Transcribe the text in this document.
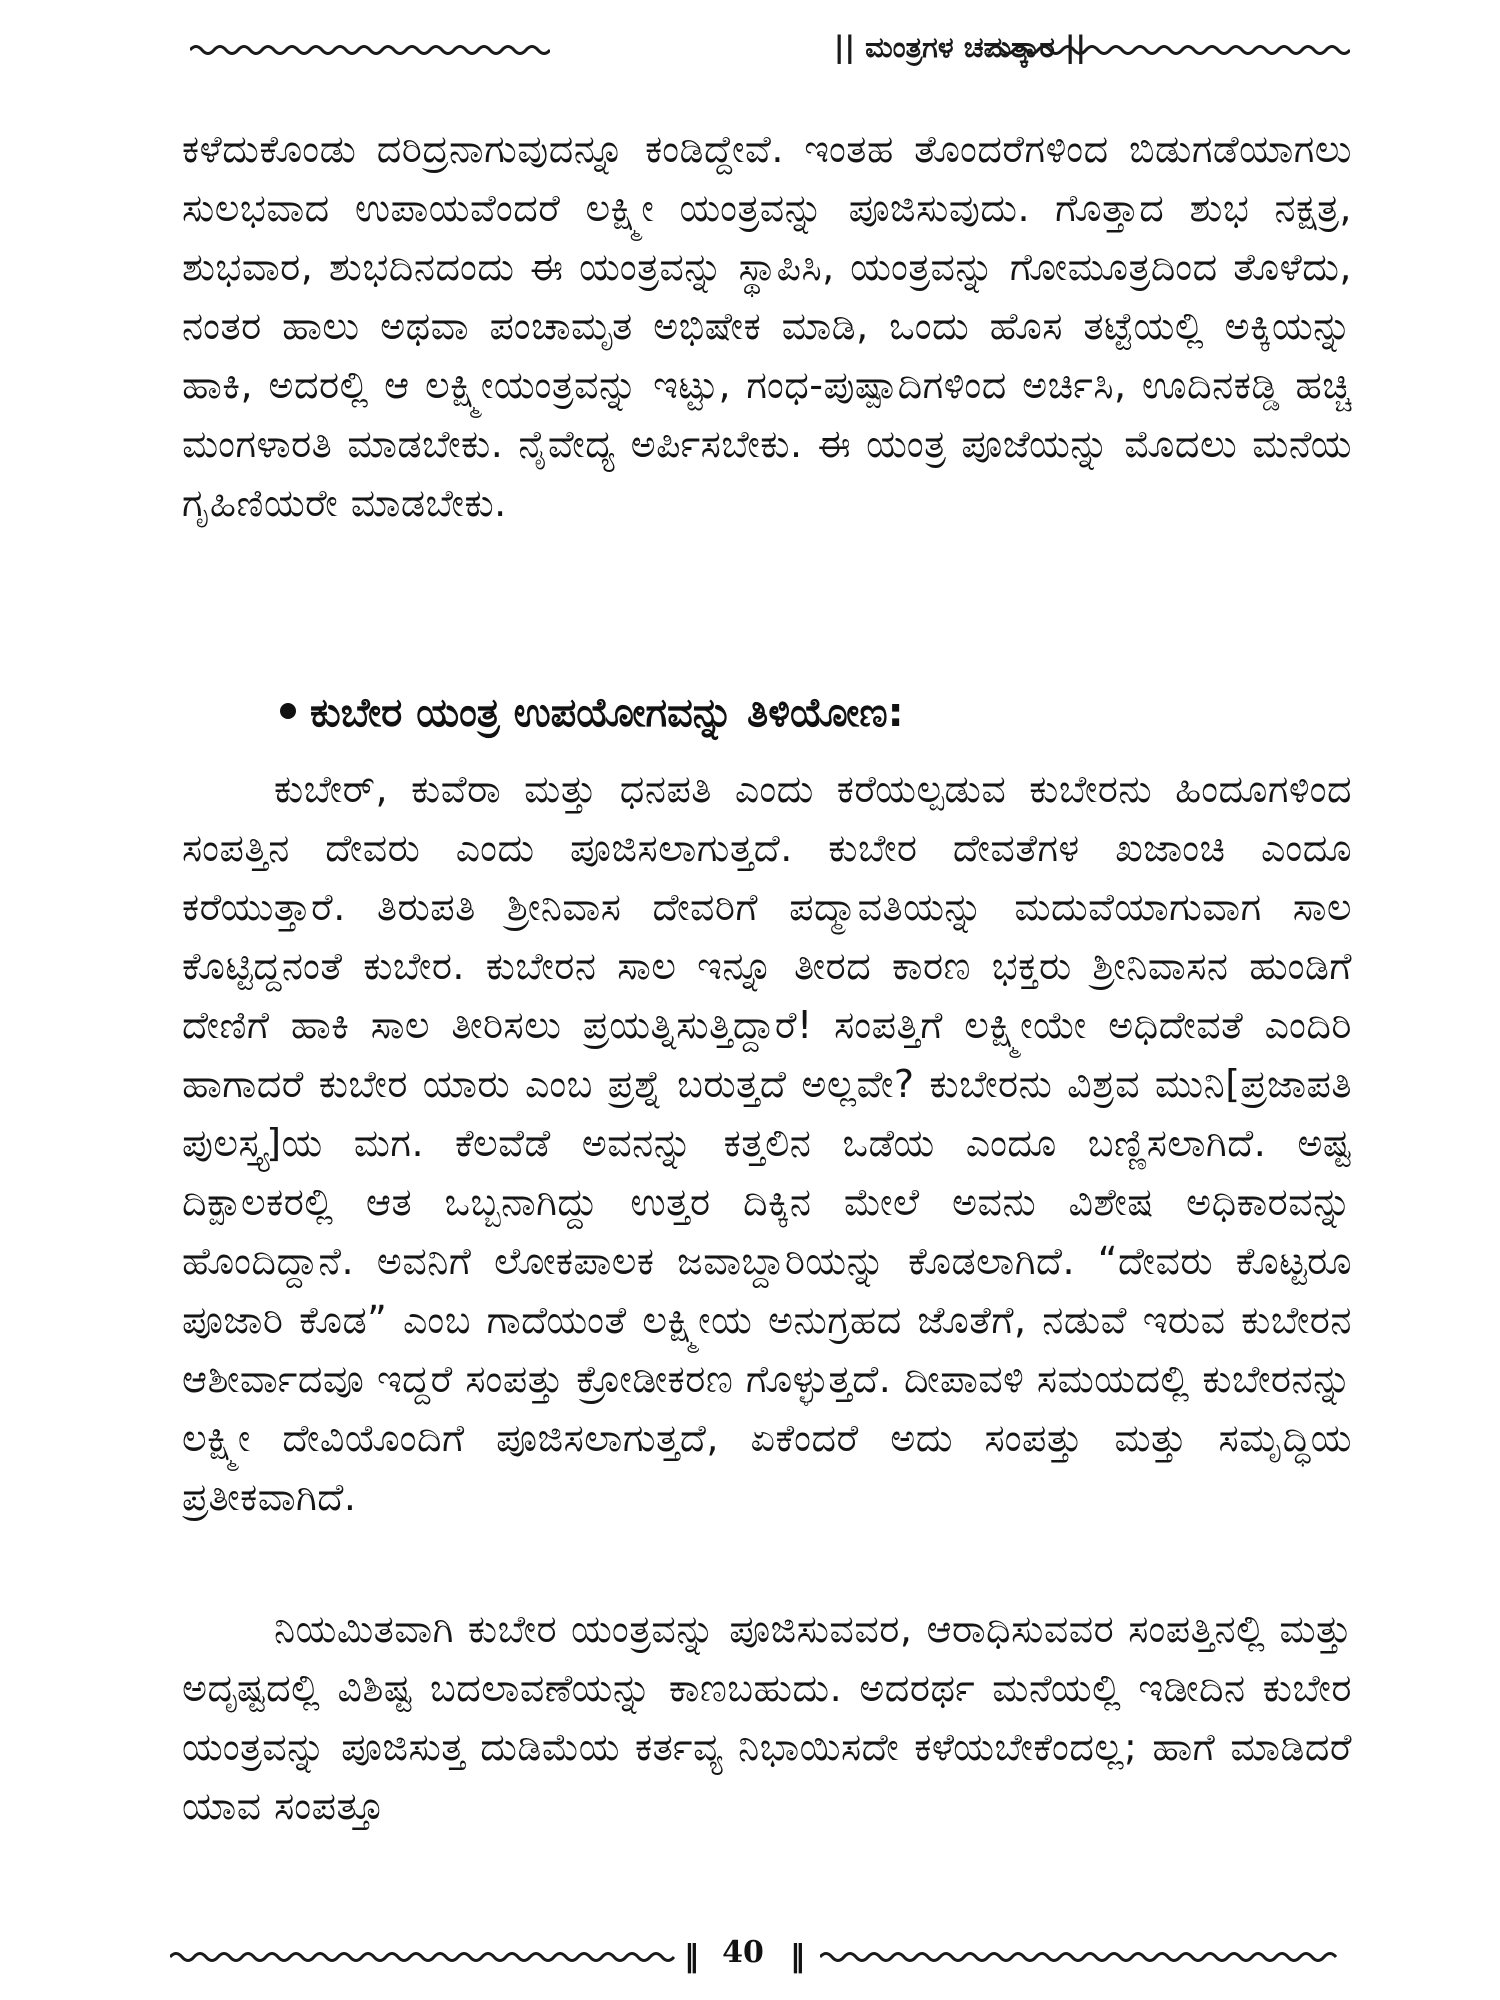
|| ಮಂತ್ರಗಳ ಚಮತ್ಕಾರ ||

ಕಳೆದುಕೊಂಡು ದರಿದ್ರನಾಗುವುದನ್ನೂ ಕಂಡಿದ್ದೇವೆ. ಇಂತಹ ತೊಂದರೆಗಳಿಂದ ಬಿಡುಗಡೆಯಾಗಲು ಸುಲಭವಾದ ಉಪಾಯವೆಂದರೆ ಲಕ್ಷ್ಮೀ ಯಂತ್ರವನ್ನು ಪೂಜಿಸುವುದು. ಗೊತ್ತಾದ ಶುಭ ನಕ್ಷತ್ರ, ಶುಭವಾರ, ಶುಭದಿನದಂದು ಈ ಯಂತ್ರವನ್ನು ಸ್ಥಾಪಿಸಿ, ಯಂತ್ರವನ್ನು ಗೋಮೂತ್ರದಿಂದ ತೊಳೆದು, ನಂತರ ಹಾಲು ಅಥವಾ ಪಂಚಾಮೃತ ಅಭಿಷೇಕ ಮಾಡಿ, ಒಂದು ಹೊಸ ತಟ್ಟೆಯಲ್ಲಿ ಅಕ್ಕಿಯನ್ನು ಹಾಕಿ, ಅದರಲ್ಲಿ ಆ ಲಕ್ಷ್ಮೀಯಂತ್ರವನ್ನು ಇಟ್ಟು, ಗಂಧ-ಪುಷ್ಪಾದಿಗಳಿಂದ ಅರ್ಚಿಸಿ, ಊದಿನಕಡ್ಡಿ ಹಚ್ಚಿ ಮಂಗಳಾರತಿ ಮಾಡಬೇಕು. ನೈವೇದ್ಯ ಅರ್ಪಿಸಬೇಕು. ಈ ಯಂತ್ರ ಪೂಜೆಯನ್ನು ಮೊದಲು ಮನೆಯ ಗೃಹಿಣಿಯರೇ ಮಾಡಬೇಕು.

ಕುಬೇರ ಯಂತ್ರ ಉಪಯೋಗವನ್ನು ತಿಳಿಯೋಣ:

ಕುಬೇರ್, ಕುವೆರಾ ಮತ್ತು ಧನಪತಿ ಎಂದು ಕರೆಯಲ್ಪಡುವ ಕುಬೇರನು ಹಿಂದೂಗಳಿಂದ ಸಂಪತ್ತಿನ ದೇವರು ಎಂದು ಪೂಜಿಸಲಾಗುತ್ತದೆ. ಕುಬೇರ ದೇವತೆಗಳ ಖಜಾಂಚಿ ಎಂದೂ ಕರೆಯುತ್ತಾರೆ. ತಿರುಪತಿ ಶ್ರೀನಿವಾಸ ದೇವರಿಗೆ ಪದ್ಮಾವತಿಯನ್ನು ಮದುವೆಯಾಗುವಾಗ ಸಾಲ ಕೊಟ್ಟಿದ್ದನಂತೆ ಕುಬೇರ. ಕುಬೇರನ ಸಾಲ ಇನ್ನೂ ತೀರದ ಕಾರಣ ಭಕ್ತರು ಶ್ರೀನಿವಾಸನ ಹುಂಡಿಗೆ ದೇಣಿಗೆ ಹಾಕಿ ಸಾಲ ತೀರಿಸಲು ಪ್ರಯತ್ನಿಸುತ್ತಿದ್ದಾರೆ! ಸಂಪತ್ತಿಗೆ ಲಕ್ಷ್ಮೀಯೇ ಅಧಿದೇವತೆ ಎಂದಿರಿ ಹಾಗಾದರೆ ಕುಬೇರ ಯಾರು ಎಂಬ ಪ್ರಶ್ನೆ ಬರುತ್ತದೆ ಅಲ್ಲವೇ? ಕುಬೇರನು ವಿಶ್ರವ ಮುನಿ[ಪ್ರಜಾಪತಿ ಪುಲಸ್ತ್ಯ]ಯ ಮಗ. ಕೆಲವೆಡೆ ಅವನನ್ನು ಕತ್ತಲಿನ ಒಡೆಯ ಎಂದೂ ಬಣ್ಣಿಸಲಾಗಿದೆ. ಅಷ್ಟ ದಿಕ್ಪಾಲಕರಲ್ಲಿ ಆತ ಒಬ್ಬನಾಗಿದ್ದು ಉತ್ತರ ದಿಕ್ಕಿನ ಮೇಲೆ ಅವನು ವಿಶೇಷ ಅಧಿಕಾರವನ್ನು ಹೊಂದಿದ್ದಾನೆ. ಅವನಿಗೆ ಲೋಕಪಾಲಕ ಜವಾಬ್ದಾರಿಯನ್ನು ಕೊಡಲಾಗಿದೆ. “ದೇವರು ಕೊಟ್ಟರೂ ಪೂಜಾರಿ ಕೊಡ” ಎಂಬ ಗಾದೆಯಂತೆ ಲಕ್ಷ್ಮೀಯ ಅನುಗ್ರಹದ ಜೊತೆಗೆ, ನಡುವೆ ಇರುವ ಕುಬೇರನ ಆಶೀರ್ವಾದವೂ ಇದ್ದರೆ ಸಂಪತ್ತು ಕ್ರೋಡೀಕರಣ ಗೊಳ್ಳುತ್ತದೆ. ದೀಪಾವಳಿ ಸಮಯದಲ್ಲಿ ಕುಬೇರನನ್ನು ಲಕ್ಷ್ಮೀ ದೇವಿಯೊಂದಿಗೆ ಪೂಜಿಸಲಾಗುತ್ತದೆ, ಏಕೆಂದರೆ ಅದು ಸಂಪತ್ತು ಮತ್ತು ಸಮೃದ್ಧಿಯ ಪ್ರತೀಕವಾಗಿದೆ.

ನಿಯಮಿತವಾಗಿ ಕುಬೇರ ಯಂತ್ರವನ್ನು ಪೂಜಿಸುವವರ, ಆರಾಧಿಸುವವರ ಸಂಪತ್ತಿನಲ್ಲಿ ಮತ್ತು ಅದೃಷ್ಟದಲ್ಲಿ ವಿಶಿಷ್ಟ ಬದಲಾವಣೆಯನ್ನು ಕಾಣಬಹುದು. ಅದರರ್ಥ ಮನೆಯಲ್ಲಿ ಇಡೀದಿನ ಕುಬೇರ ಯಂತ್ರವನ್ನು ಪೂಜಿಸುತ್ತ ದುಡಿಮೆಯ ಕರ್ತವ್ಯ ನಿಭಾಯಿಸದೇ ಕಳೆಯಬೇಕೆಂದಲ್ಲ; ಹಾಗೆ ಮಾಡಿದರೆ ಯಾವ ಸಂಪತ್ತೂ

‖ 40 ‖
